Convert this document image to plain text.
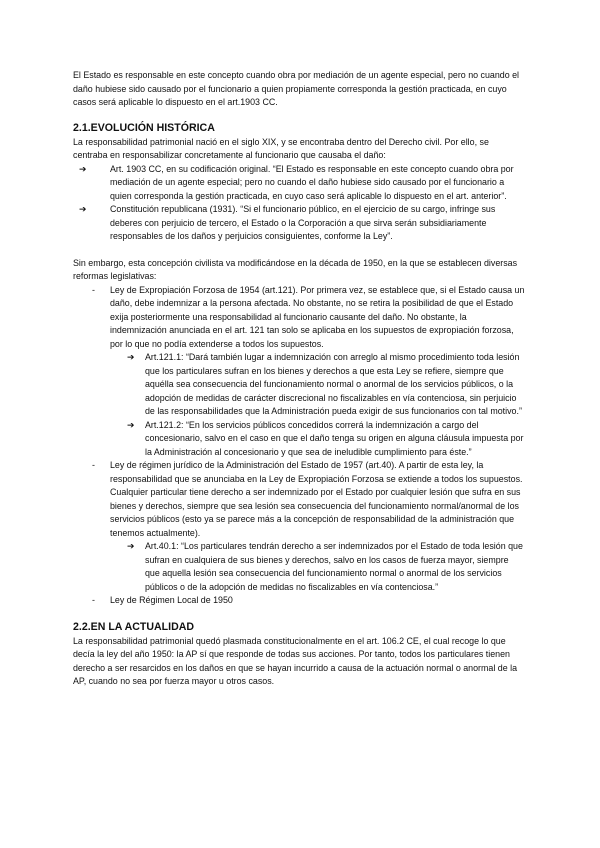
El Estado es responsable en este concepto cuando obra por mediación de un agente especial, pero no cuando el daño hubiese sido causado por el funcionario a quien propiamente corresponda la gestión practicada, en cuyo casos será aplicable lo dispuesto en el art.1903 CC.

2.1.EVOLUCIÓN HISTÓRICA

La responsabilidad patrimonial nació en el siglo XIX, y se encontraba dentro del Derecho civil. Por ello, se centraba en responsabilizar concretamente al funcionario que causaba el daño:

➔	Art. 1903 CC, en su codificación original. “El Estado es responsable en este concepto cuando obra por mediación de un agente especial; pero no cuando el daño hubiese sido causado por el funcionario a quien corresponda la gestión practicada, en cuyo caso será aplicable lo dispuesto en el art. anterior”.
➔	Constitución republicana (1931). “Si el funcionario público, en el ejercicio de su cargo, infringe sus deberes con perjuicio de tercero, el Estado o la Corporación a que sirva serán subsidiariamente responsables de los daños y perjuicios consiguientes, conforme la Ley”.

Sin embargo, esta concepción civilista va modificándose en la década de 1950, en la que se establecen diversas reformas legislativas:

- Ley de Expropiación Forzosa de 1954 (art.121). Por primera vez, se establece que, si el Estado causa un daño, debe indemnizar a la persona afectada. No obstante, no se retira la posibilidad de que el Estado exija posteriormente una responsabilidad al funcionario causante del daño. No obstante, la indemnización anunciada en el art. 121 tan solo se aplicaba en los supuestos de expropiación forzosa, por lo que no podía extenderse a todos los supuestos.
➔ Art.121.1: “Dará también lugar a indemnización con arreglo al mismo procedimiento toda lesión que los particulares sufran en los bienes y derechos a que esta Ley se refiere, siempre que aquélla sea consecuencia del funcionamiento normal o anormal de los servicios públicos, o la adopción de medidas de carácter discrecional no fiscalizables en vía contenciosa, sin perjuicio de las responsabilidades que la Administración pueda exigir de sus funcionarios con tal motivo.”
➔ Art.121.2: “En los servicios públicos concedidos correrá la indemnización a cargo del concesionario, salvo en el caso en que el daño tenga su origen en alguna cláusula impuesta por la Administración al concesionario y que sea de ineludible cumplimiento para éste.”
- Ley de régimen jurídico de la Administración del Estado de 1957 (art.40). A partir de esta ley, la responsabilidad que se anunciaba en la Ley de Expropiación Forzosa se extiende a todos los supuestos. Cualquier particular tiene derecho a ser indemnizado por el Estado por cualquier lesión que sufra en sus bienes y derechos, siempre que sea lesión sea consecuencia del funcionamiento normal/anormal de los servicios públicos (esto ya se parece más a la concepción de responsabilidad de la administración que tenemos actualmente).
➔ Art.40.1: “Los particulares tendrán derecho a ser indemnizados por el Estado de toda lesión que sufran en cualquiera de sus bienes y derechos, salvo en los casos de fuerza mayor, siempre que aquella lesión sea consecuencia del funcionamiento normal o anormal de los servicios públicos o de la adopción de medidas no fiscalizables en vía contenciosa.”
- Ley de Régimen Local de 1950
2.2.EN LA ACTUALIDAD

La responsabilidad patrimonial quedó plasmada constitucionalmente en el art. 106.2 CE, el cual recoge lo que decía la ley del año 1950: la AP sí que responde de todas sus acciones. Por tanto, todos los particulares tienen derecho a ser resarcidos en los daños en que se hayan incurrido a causa de la actuación normal o anormal de la AP, cuando no sea por fuerza mayor u otros casos.
